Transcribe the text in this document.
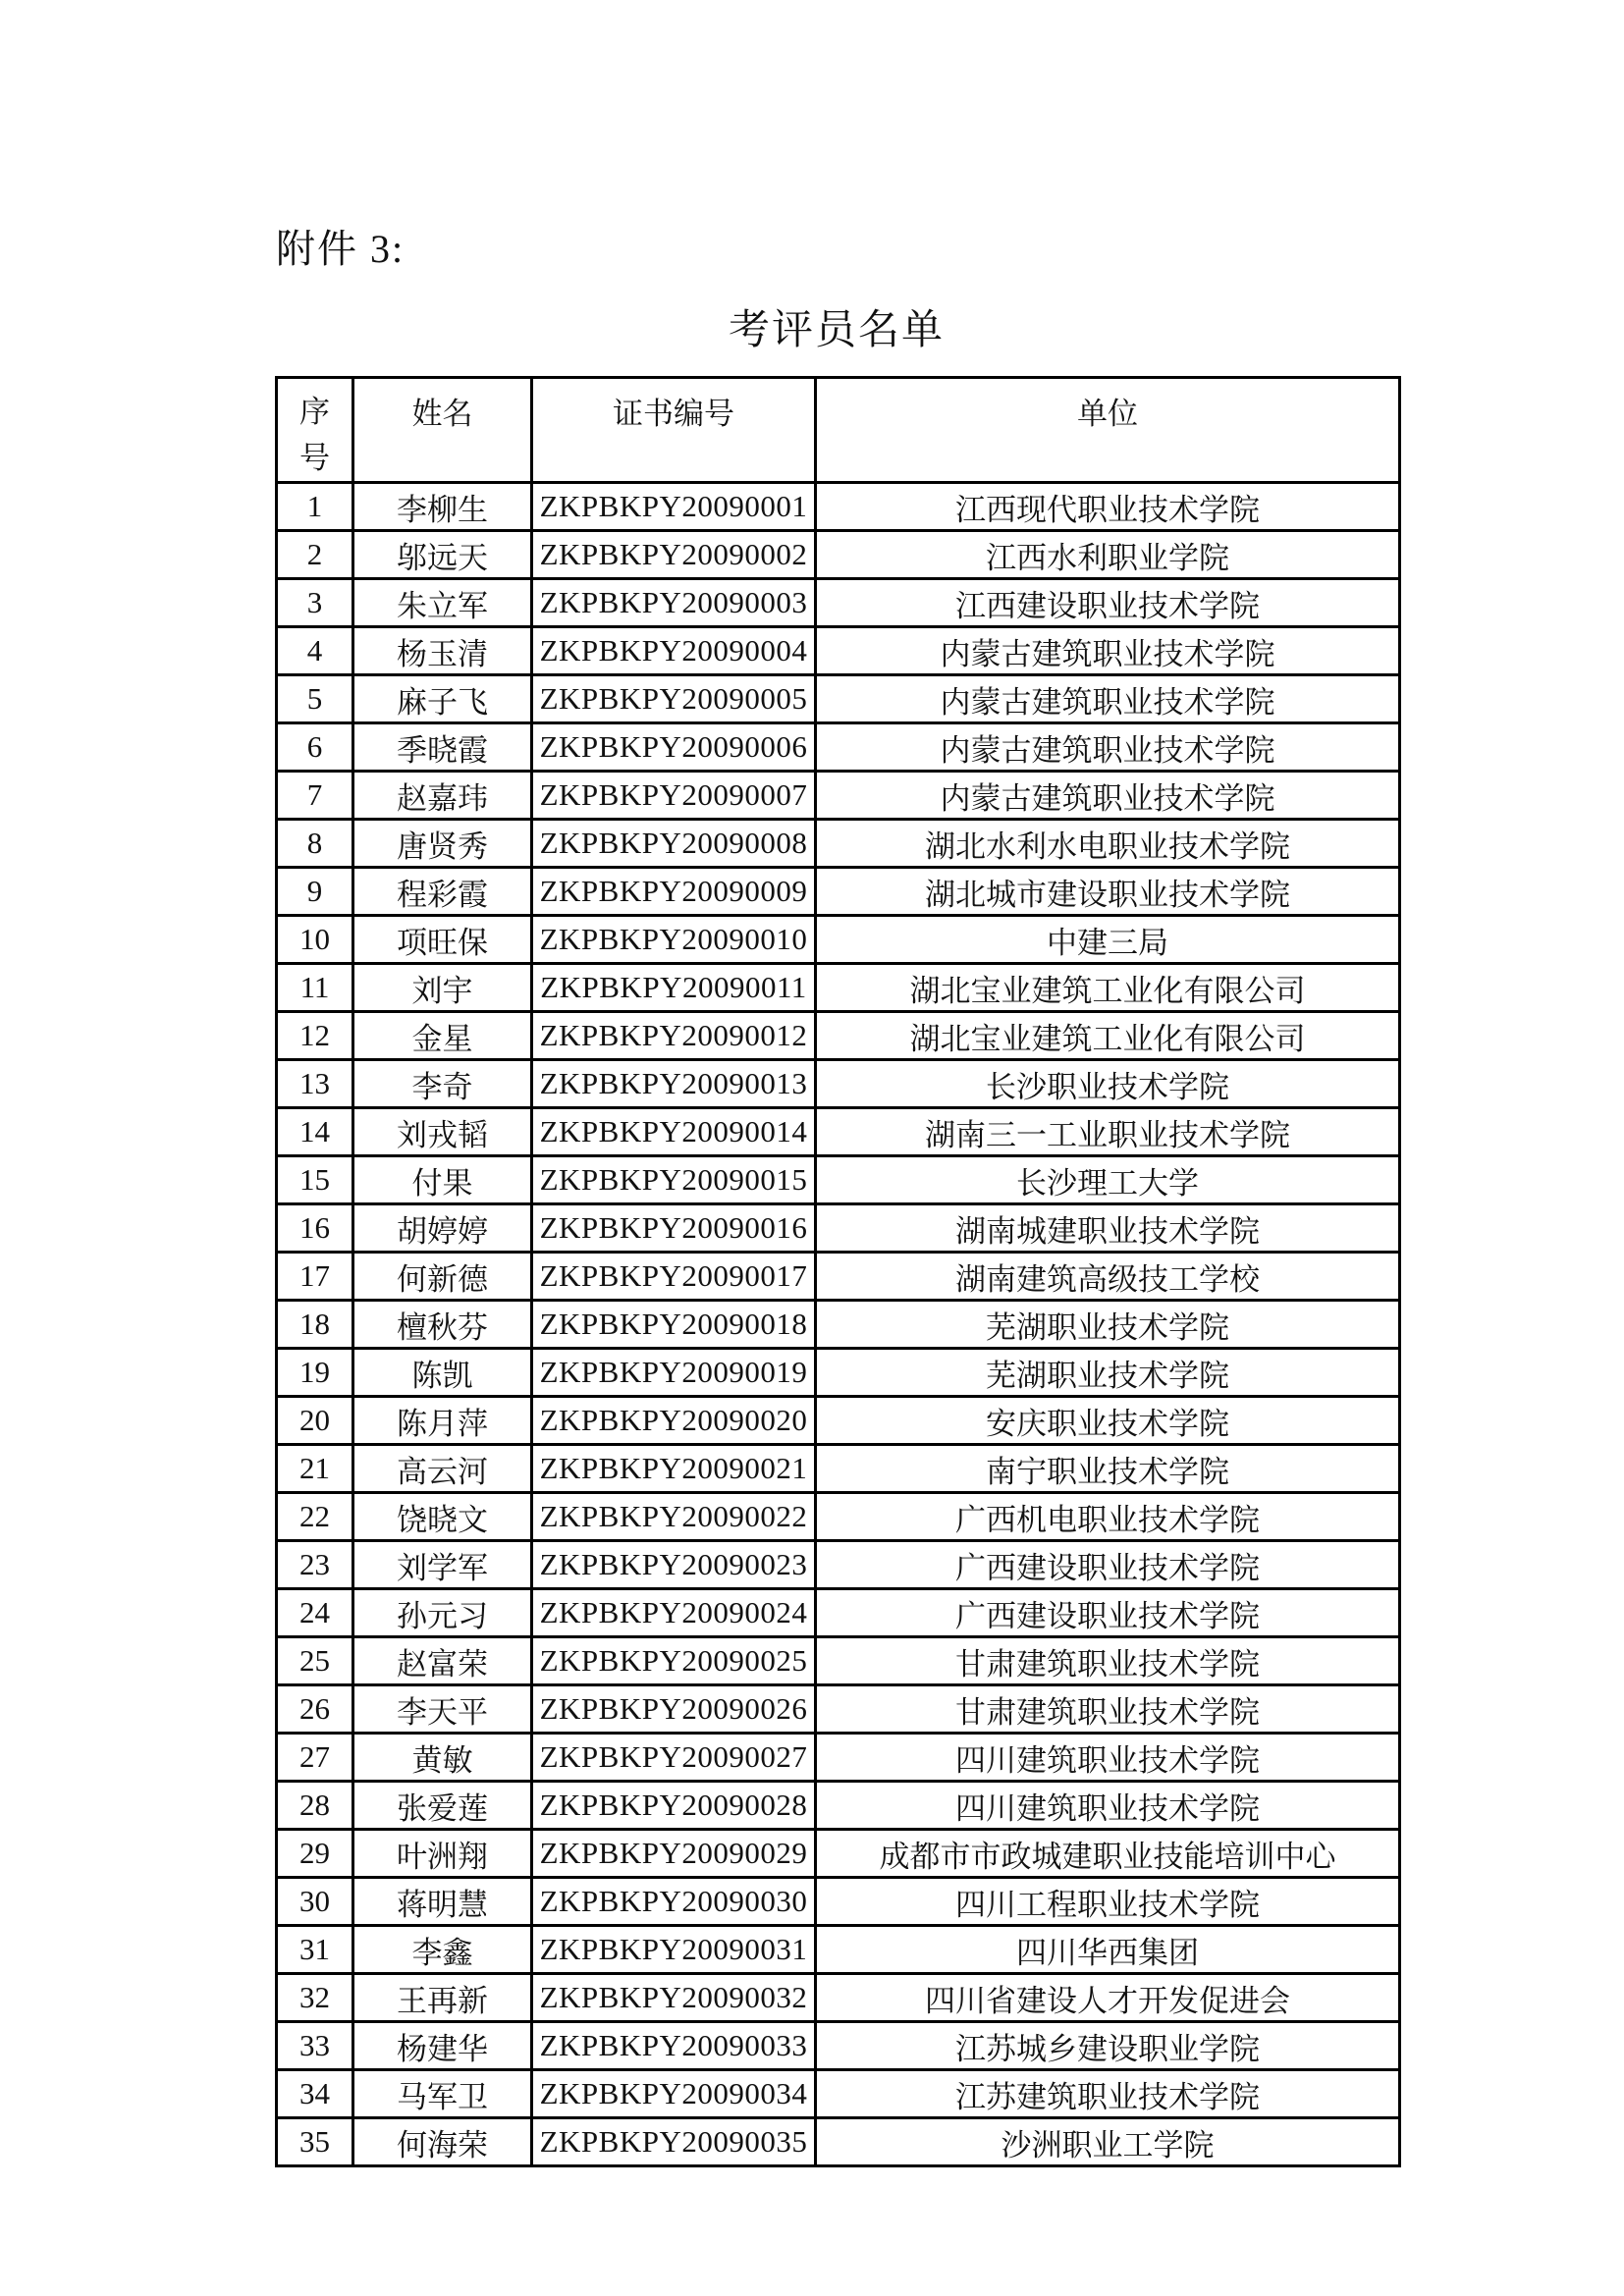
附件 3:
考评员名单
序号	姓名	证书编号	单位
1	李柳生	ZKPBKPY20090001	江西现代职业技术学院
2	邬远天	ZKPBKPY20090002	江西水利职业学院
3	朱立军	ZKPBKPY20090003	江西建设职业技术学院
4	杨玉清	ZKPBKPY20090004	内蒙古建筑职业技术学院
5	麻子飞	ZKPBKPY20090005	内蒙古建筑职业技术学院
6	季晓霞	ZKPBKPY20090006	内蒙古建筑职业技术学院
7	赵嘉玮	ZKPBKPY20090007	内蒙古建筑职业技术学院
8	唐贤秀	ZKPBKPY20090008	湖北水利水电职业技术学院
9	程彩霞	ZKPBKPY20090009	湖北城市建设职业技术学院
10	项旺保	ZKPBKPY20090010	中建三局
11	刘宇	ZKPBKPY20090011	湖北宝业建筑工业化有限公司
12	金星	ZKPBKPY20090012	湖北宝业建筑工业化有限公司
13	李奇	ZKPBKPY20090013	长沙职业技术学院
14	刘戎韬	ZKPBKPY20090014	湖南三一工业职业技术学院
15	付果	ZKPBKPY20090015	长沙理工大学
16	胡婷婷	ZKPBKPY20090016	湖南城建职业技术学院
17	何新德	ZKPBKPY20090017	湖南建筑高级技工学校
18	檀秋芬	ZKPBKPY20090018	芜湖职业技术学院
19	陈凯	ZKPBKPY20090019	芜湖职业技术学院
20	陈月萍	ZKPBKPY20090020	安庆职业技术学院
21	高云河	ZKPBKPY20090021	南宁职业技术学院
22	饶晓文	ZKPBKPY20090022	广西机电职业技术学院
23	刘学军	ZKPBKPY20090023	广西建设职业技术学院
24	孙元习	ZKPBKPY20090024	广西建设职业技术学院
25	赵富荣	ZKPBKPY20090025	甘肃建筑职业技术学院
26	李天平	ZKPBKPY20090026	甘肃建筑职业技术学院
27	黄敏	ZKPBKPY20090027	四川建筑职业技术学院
28	张爱莲	ZKPBKPY20090028	四川建筑职业技术学院
29	叶洲翔	ZKPBKPY20090029	成都市市政城建职业技能培训中心
30	蒋明慧	ZKPBKPY20090030	四川工程职业技术学院
31	李鑫	ZKPBKPY20090031	四川华西集团
32	王再新	ZKPBKPY20090032	四川省建设人才开发促进会
33	杨建华	ZKPBKPY20090033	江苏城乡建设职业学院
34	马军卫	ZKPBKPY20090034	江苏建筑职业技术学院
35	何海荣	ZKPBKPY20090035	沙洲职业工学院
